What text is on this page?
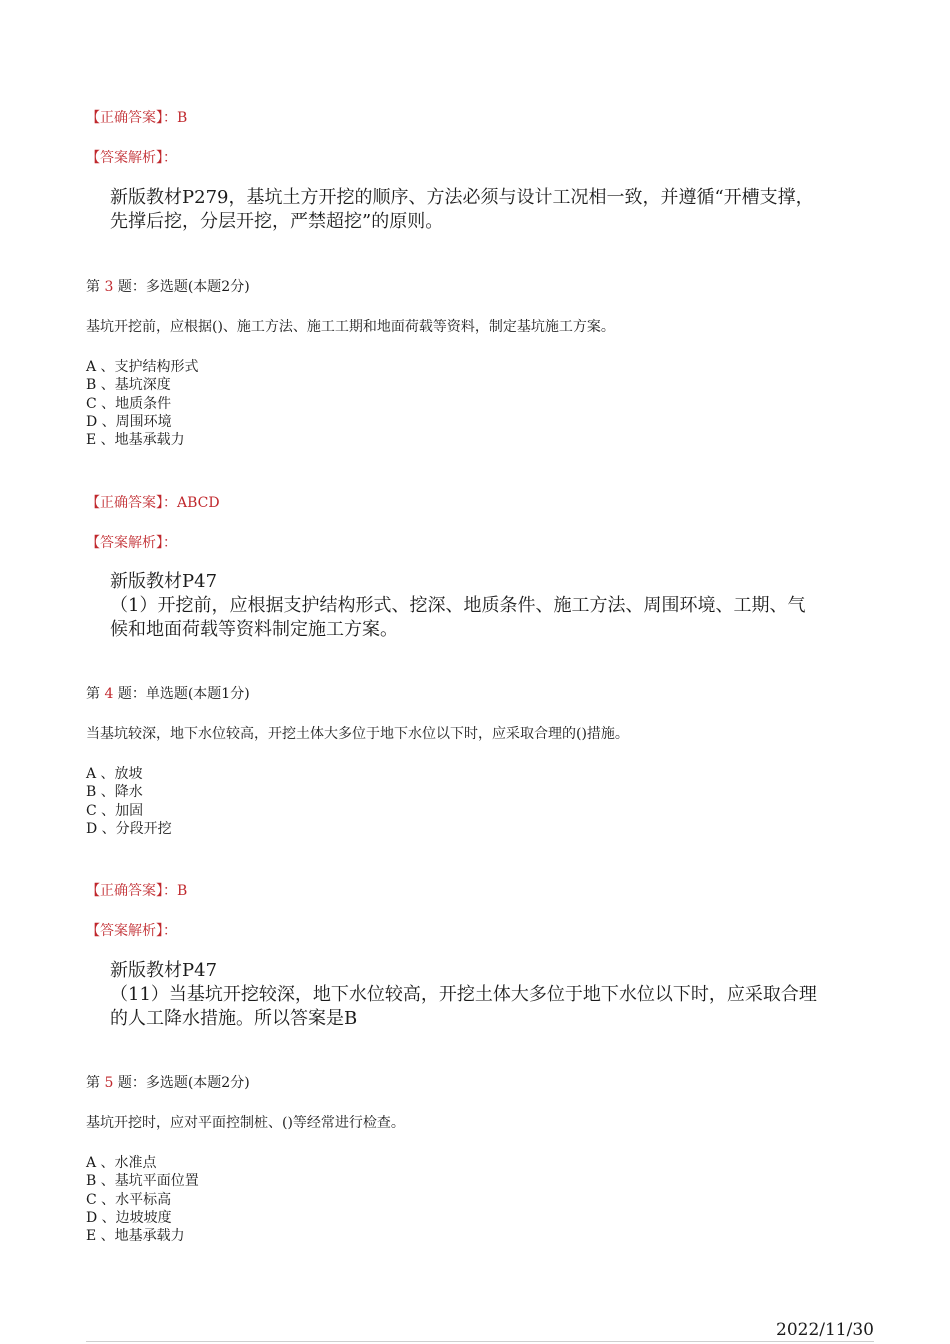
【正确答案】：B
【答案解析】：
新版教材P279，基坑土方开挖的顺序、方法必须与设计工况相一致，并遵循“开槽支撑，
先撑后挖，分层开挖，严禁超挖”的原则。
第 3 题：多选题(本题2分)
基坑开挖前，应根据()、施工方法、施工工期和地面荷载等资料，制定基坑施工方案。
A 、支护结构形式
B 、基坑深度
C 、地质条件
D 、周围环境
E 、地基承载力
【正确答案】：ABCD
【答案解析】：
新版教材P47
（1）开挖前，应根据支护结构形式、挖深、地质条件、施工方法、周围环境、工期、气
候和地面荷载等资料制定施工方案。
第 4 题：单选题(本题1分)
当基坑较深，地下水位较高，开挖土体大多位于地下水位以下时，应采取合理的()措施。
A 、放坡
B 、降水
C 、加固
D 、分段开挖
【正确答案】：B
【答案解析】：
新版教材P47
（11）当基坑开挖较深，地下水位较高，开挖土体大多位于地下水位以下时，应采取合理
的人工降水措施。所以答案是B
第 5 题：多选题(本题2分)
基坑开挖时，应对平面控制桩、()等经常进行检查。
A 、水准点
B 、基坑平面位置
C 、水平标高
D 、边坡坡度
E 、地基承载力
2022/11/30
